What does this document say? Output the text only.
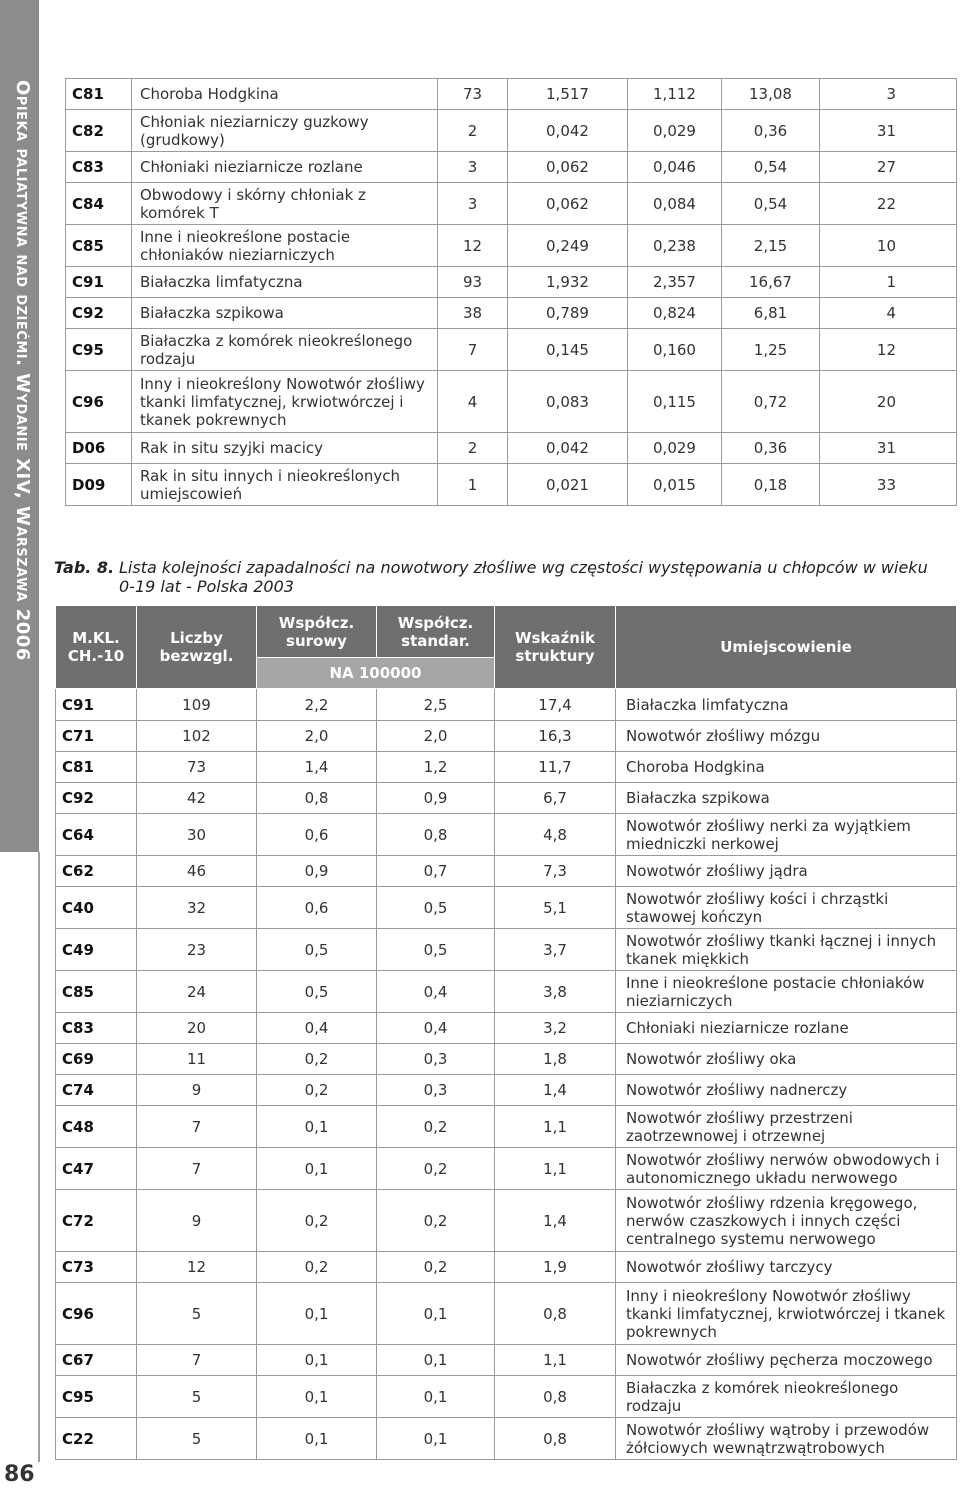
Opieka paliatywna nad dziećmi. Wydanie XIV, Warszawa 2006
86
C81	Choroba Hodgkina	73	1,517	1,112	13,08	3
C82	Chłoniak nieziarniczy guzkowy (grudkowy)	2	0,042	0,029	0,36	31
C83	Chłoniaki nieziarnicze rozlane	3	0,062	0,046	0,54	27
C84	Obwodowy i skórny chłoniak z komórek T	3	0,062	0,084	0,54	22
C85	Inne i nieokreślone postacie chłoniaków nieziarniczych	12	0,249	0,238	2,15	10
C91	Białaczka limfatyczna	93	1,932	2,357	16,67	1
C92	Białaczka szpikowa	38	0,789	0,824	6,81	4
C95	Białaczka z komórek nieokreślonego rodzaju	7	0,145	0,160	1,25	12
C96	Inny i nieokreślony Nowotwór złośliwy tkanki limfatycznej, krwiotwórczej i tkanek pokrewnych	4	0,083	0,115	0,72	20
D06	Rak in situ szyjki macicy	2	0,042	0,029	0,36	31
D09	Rak in situ innych i nieokreślonych umiejscowień	1	0,021	0,015	0,18	33
Tab. 8. Lista kolejności zapadalności na nowotwory złośliwe wg częstości występowania u chłopców w wieku 0-19 lat - Polska 2003
M.KL. CH.-10	Liczby bezwzgl.	Współcz. surowy	Współcz. standar.	Wskaźnik struktury	Umiejscowienie
		NA 100000			
C91	109	2,2	2,5	17,4	Białaczka limfatyczna
C71	102	2,0	2,0	16,3	Nowotwór złośliwy mózgu
C81	73	1,4	1,2	11,7	Choroba Hodgkina
C92	42	0,8	0,9	6,7	Białaczka szpikowa
C64	30	0,6	0,8	4,8	Nowotwór złośliwy nerki za wyjątkiem miedniczki nerkowej
C62	46	0,9	0,7	7,3	Nowotwór złośliwy jądra
C40	32	0,6	0,5	5,1	Nowotwór złośliwy kości i chrząstki stawowej kończyn
C49	23	0,5	0,5	3,7	Nowotwór złośliwy tkanki łącznej i innych tkanek miękkich
C85	24	0,5	0,4	3,8	Inne i nieokreślone postacie chłoniaków nieziarniczych
C83	20	0,4	0,4	3,2	Chłoniaki nieziarnicze rozlane
C69	11	0,2	0,3	1,8	Nowotwór złośliwy oka
C74	9	0,2	0,3	1,4	Nowotwór złośliwy nadnerczy
C48	7	0,1	0,2	1,1	Nowotwór złośliwy przestrzeni zaotrzewnowej i otrzewnej
C47	7	0,1	0,2	1,1	Nowotwór złośliwy nerwów obwodowych i autonomicznego układu nerwowego
C72	9	0,2	0,2	1,4	Nowotwór złośliwy rdzenia kręgowego, nerwów czaszkowych i innych części centralnego systemu nerwowego
C73	12	0,2	0,2	1,9	Nowotwór złośliwy tarczycy
C96	5	0,1	0,1	0,8	Inny i nieokreślony Nowotwór złośliwy tkanki limfatycznej, krwiotwórczej i tkanek pokrewnych
C67	7	0,1	0,1	1,1	Nowotwór złośliwy pęcherza moczowego
C95	5	0,1	0,1	0,8	Białaczka z komórek nieokreślonego rodzaju
C22	5	0,1	0,1	0,8	Nowotwór złośliwy wątroby i przewodów żółciowych wewnątrzwątrobowych
